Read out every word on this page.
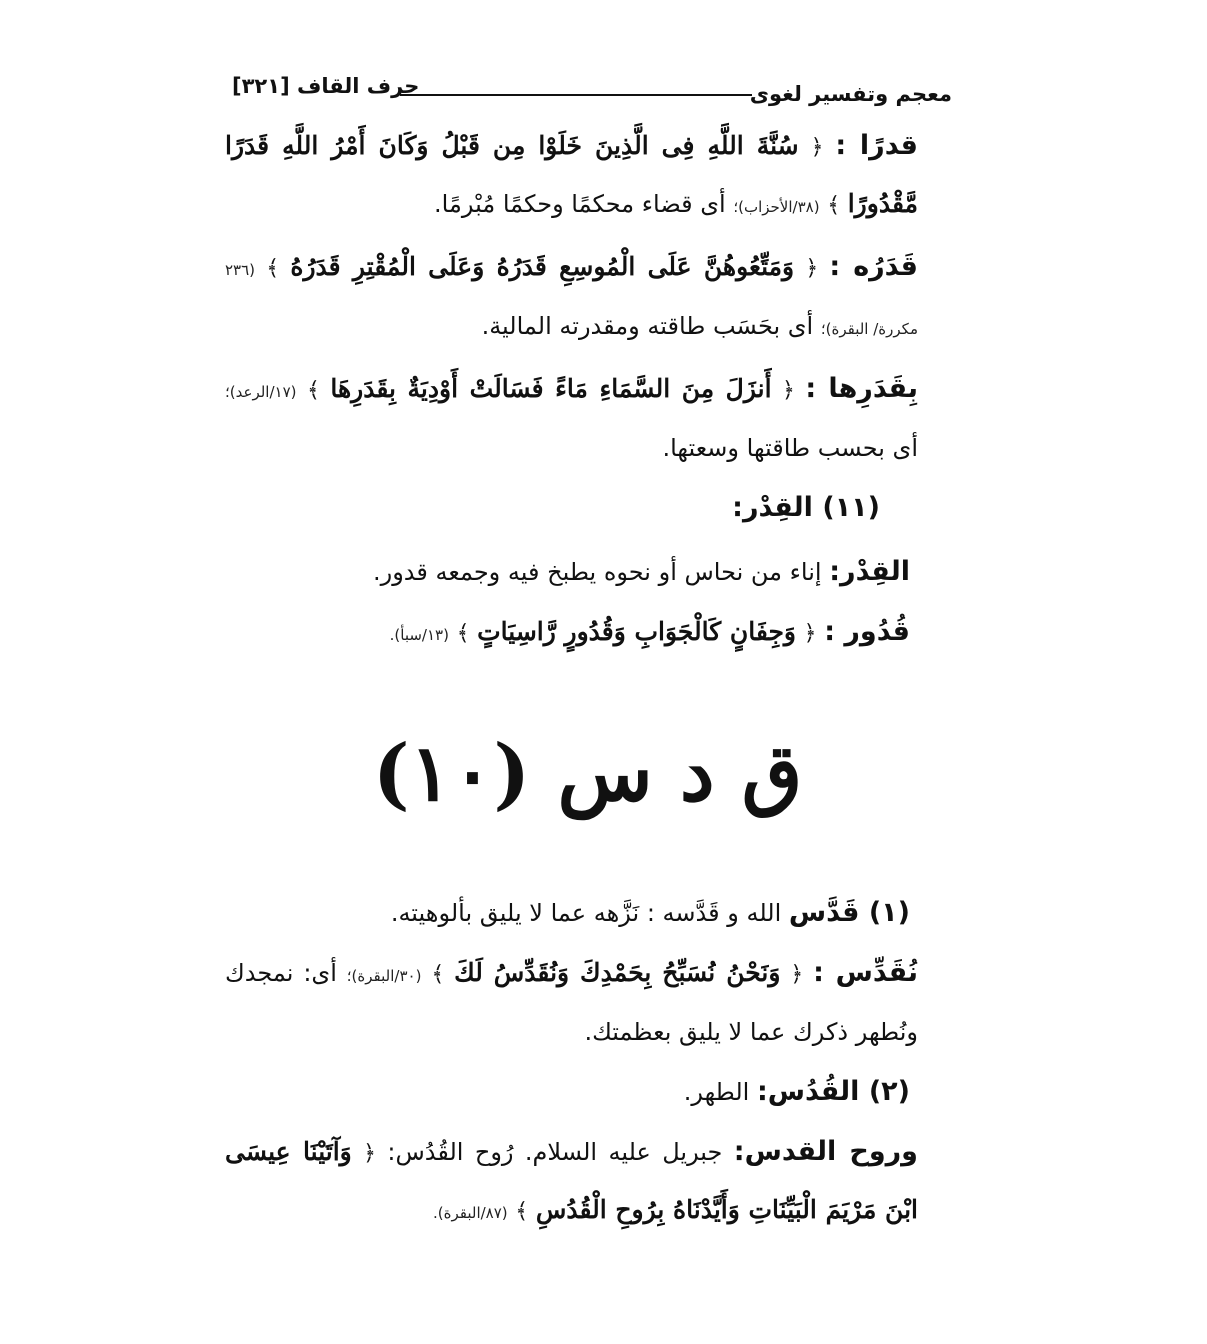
معجم وتفسير لغوى
حرف القاف [٣٢١]

قدرًا : ﴿ سُنَّةَ اللَّهِ فِى الَّذِينَ خَلَوْا مِن قَبْلُ وَكَانَ أَمْرُ اللَّهِ قَدَرًا مَّقْدُورًا ﴾ (٣٨/الأحزاب)؛ أى قضاء محكمًا وحكمًا مُبْرمًا.

قَدَرُه : ﴿ وَمَتِّعُوهُنَّ عَلَى الْمُوسِعِ قَدَرُهُ وَعَلَى الْمُقْتِرِ قَدَرُهُ ﴾ (٢٣٦ مكررة/ البقرة)؛ أى بحَسَب طاقته ومقدرته المالية.

بِقَدَرِها : ﴿ أَنزَلَ مِنَ السَّمَاءِ مَاءً فَسَالَتْ أَوْدِيَةٌ بِقَدَرِهَا ﴾ (١٧/الرعد)؛ أى بحسب طاقتها وسعتها.

(١١) القِدْر:

القِدْر: إناء من نحاس أو نحوه يطبخ فيه وجمعه قدور.

قُدُور : ﴿ وَجِفَانٍ كَالْجَوَابِ وَقُدُورٍ رَّاسِيَاتٍ ﴾ (١٣/سبأ).

ق د س (١٠)

(١) قَدَّس الله و قَدَّسه : نَزَّهه عما لا يليق بألوهيته.

نُقَدِّس : ﴿ وَنَحْنُ نُسَبِّحُ بِحَمْدِكَ وَنُقَدِّسُ لَكَ ﴾ (٣٠/البقرة)؛ أى: نمجدك ونُطهر ذكرك عما لا يليق بعظمتك.

(٢) القُدُس: الطهر.

وروح القدس: جبريل عليه السلام. رُوح القُدُس: ﴿ وَآتَيْنَا عِيسَى ابْنَ مَرْيَمَ الْبَيِّنَاتِ وَأَيَّدْنَاهُ بِرُوحِ الْقُدُسِ ﴾ (٨٧/البقرة).
